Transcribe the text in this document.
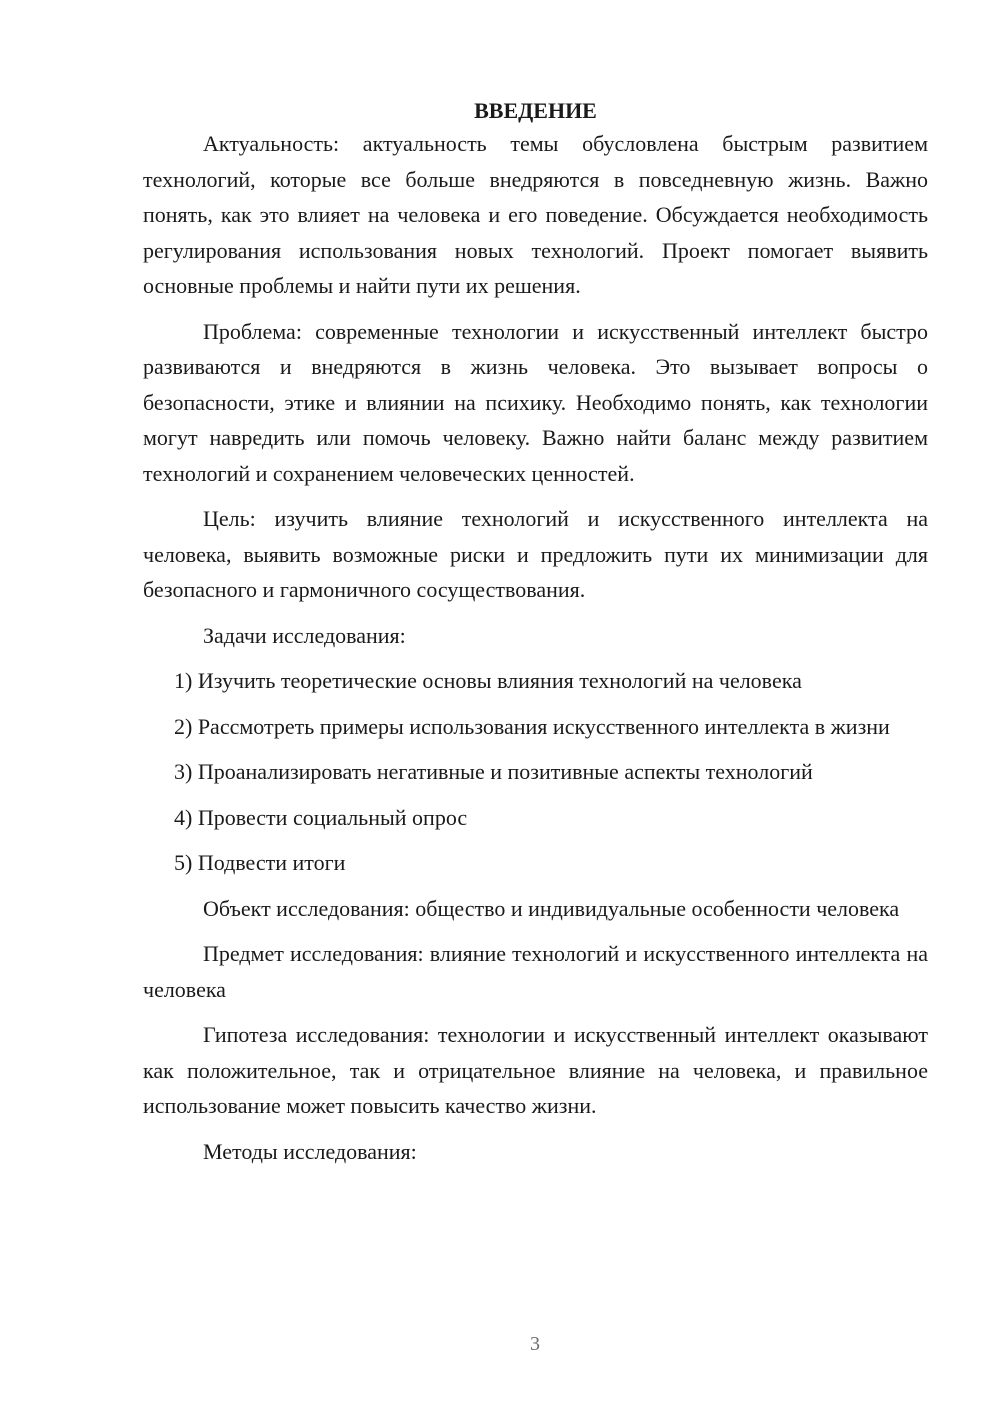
ВВЕДЕНИЕ

Актуальность: актуальность темы обусловлена быстрым развитием технологий, которые все больше внедряются в повседневную жизнь. Важно понять, как это влияет на человека и его поведение. Обсуждается необходимость регулирования использования новых технологий. Проект помогает выявить основные проблемы и найти пути их решения.

Проблема: современные технологии и искусственный интеллект быстро развиваются и внедряются в жизнь человека. Это вызывает вопросы о безопасности, этике и влиянии на психику. Необходимо понять, как технологии могут навредить или помочь человеку. Важно найти баланс между развитием технологий и сохранением человеческих ценностей.

Цель: изучить влияние технологий и искусственного интеллекта на человека, выявить возможные риски и предложить пути их минимизации для безопасного и гармоничного сосуществования.

Задачи исследования:

1) Изучить теоретические основы влияния технологий на человека

2) Рассмотреть примеры использования искусственного интеллекта в жизни

3) Проанализировать негативные и позитивные аспекты технологий

4) Провести социальный опрос

5) Подвести итоги

Объект исследования: общество и индивидуальные особенности человека

Предмет исследования: влияние технологий и искусственного интеллекта на человека

Гипотеза исследования: технологии и искусственный интеллект оказывают как положительное, так и отрицательное влияние на человека, и правильное использование может повысить качество жизни.

Методы исследования:

3
